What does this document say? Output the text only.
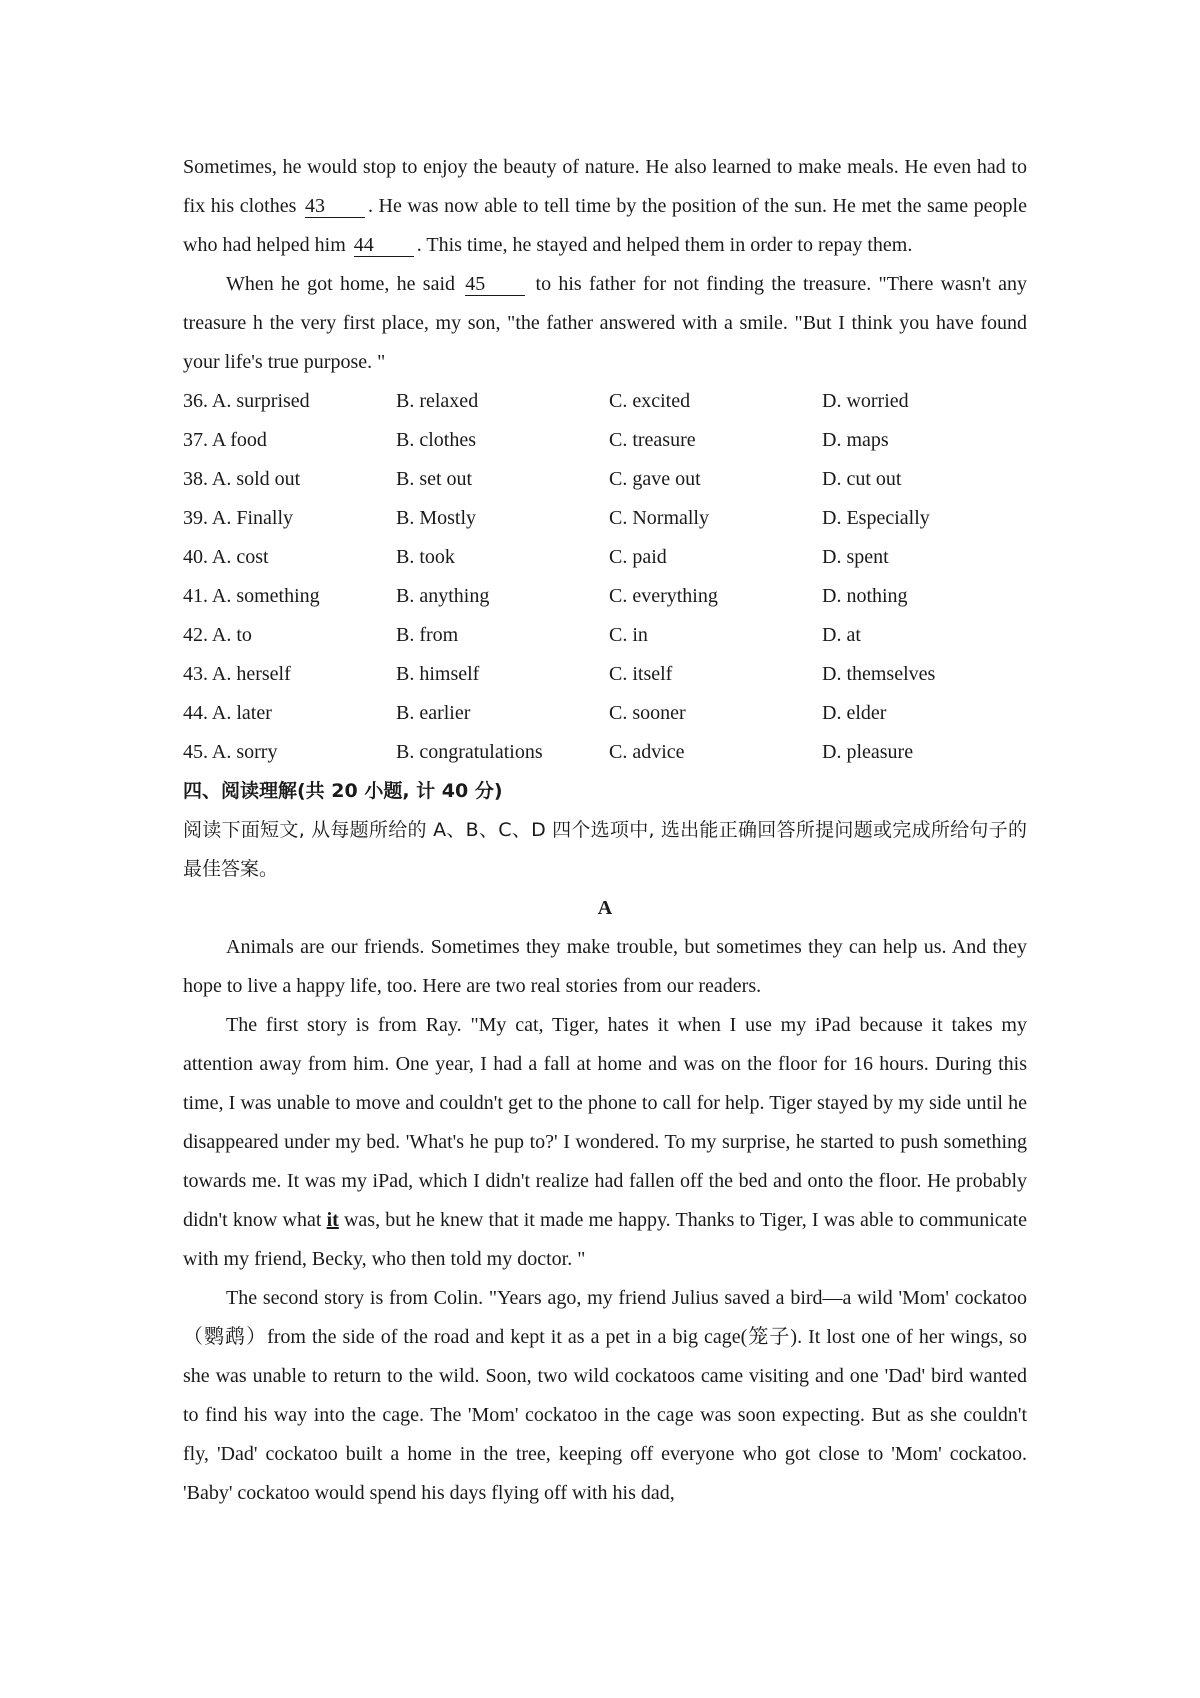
Sometimes, he would stop to enjoy the beauty of nature. He also learned to make meals. He even had to fix his clothes 43 . He was now able to tell time by the position of the sun. He met the same people who had helped him 44 . This time, he stayed and helped them in order to repay them.

When he got home, he said 45 to his father for not finding the treasure. "There wasn't any treasure h the very first place, my son, "the father answered with a smile. "But I think you have found your life's true purpose. "

36. A. surprised	B. relaxed	C. excited	D. worried
37. A food	B. clothes	C. treasure	D. maps
38. A. sold out	B. set out	C. gave out	D. cut out
39. A. Finally	B. Mostly	C. Normally	D. Especially
40. A. cost	B. took	C. paid	D. spent
41. A. something	B. anything	C. everything	D. nothing
42. A. to	B. from	C. in	D. at
43. A. herself	B. himself	C. itself	D. themselves
44. A. later	B. earlier	C. sooner	D. elder
45. A. sorry	B. congratulations	C. advice	D. pleasure
四、阅读理解(共 20 小题, 计 40 分)

阅读下面短文, 从每题所给的 A、B、C、D 四个选项中, 选出能正确回答所提问题或完成所给句子的最佳答案。

A

Animals are our friends. Sometimes they make trouble, but sometimes they can help us. And they hope to live a happy life, too. Here are two real stories from our readers.

The first story is from Ray. "My cat, Tiger, hates it when I use my iPad because it takes my attention away from him. One year, I had a fall at home and was on the floor for 16 hours. During this time, I was unable to move and couldn't get to the phone to call for help. Tiger stayed by my side until he disappeared under my bed. 'What's he pup to?' I wondered. To my surprise, he started to push something towards me. It was my iPad, which I didn't realize had fallen off the bed and onto the floor. He probably didn't know what it was, but he knew that it made me happy. Thanks to Tiger, I was able to communicate with my friend, Becky, who then told my doctor. "

The second story is from Colin. "Years ago, my friend Julius saved a bird—a wild 'Mom' cockatoo（鹦鹉）from the side of the road and kept it as a pet in a big cage(笼子). It lost one of her wings, so she was unable to return to the wild. Soon, two wild cockatoos came visiting and one 'Dad' bird wanted to find his way into the cage. The 'Mom' cockatoo in the cage was soon expecting. But as she couldn't fly, 'Dad' cockatoo built a home in the tree, keeping off everyone who got close to 'Mom' cockatoo. 'Baby' cockatoo would spend his days flying off with his dad,
